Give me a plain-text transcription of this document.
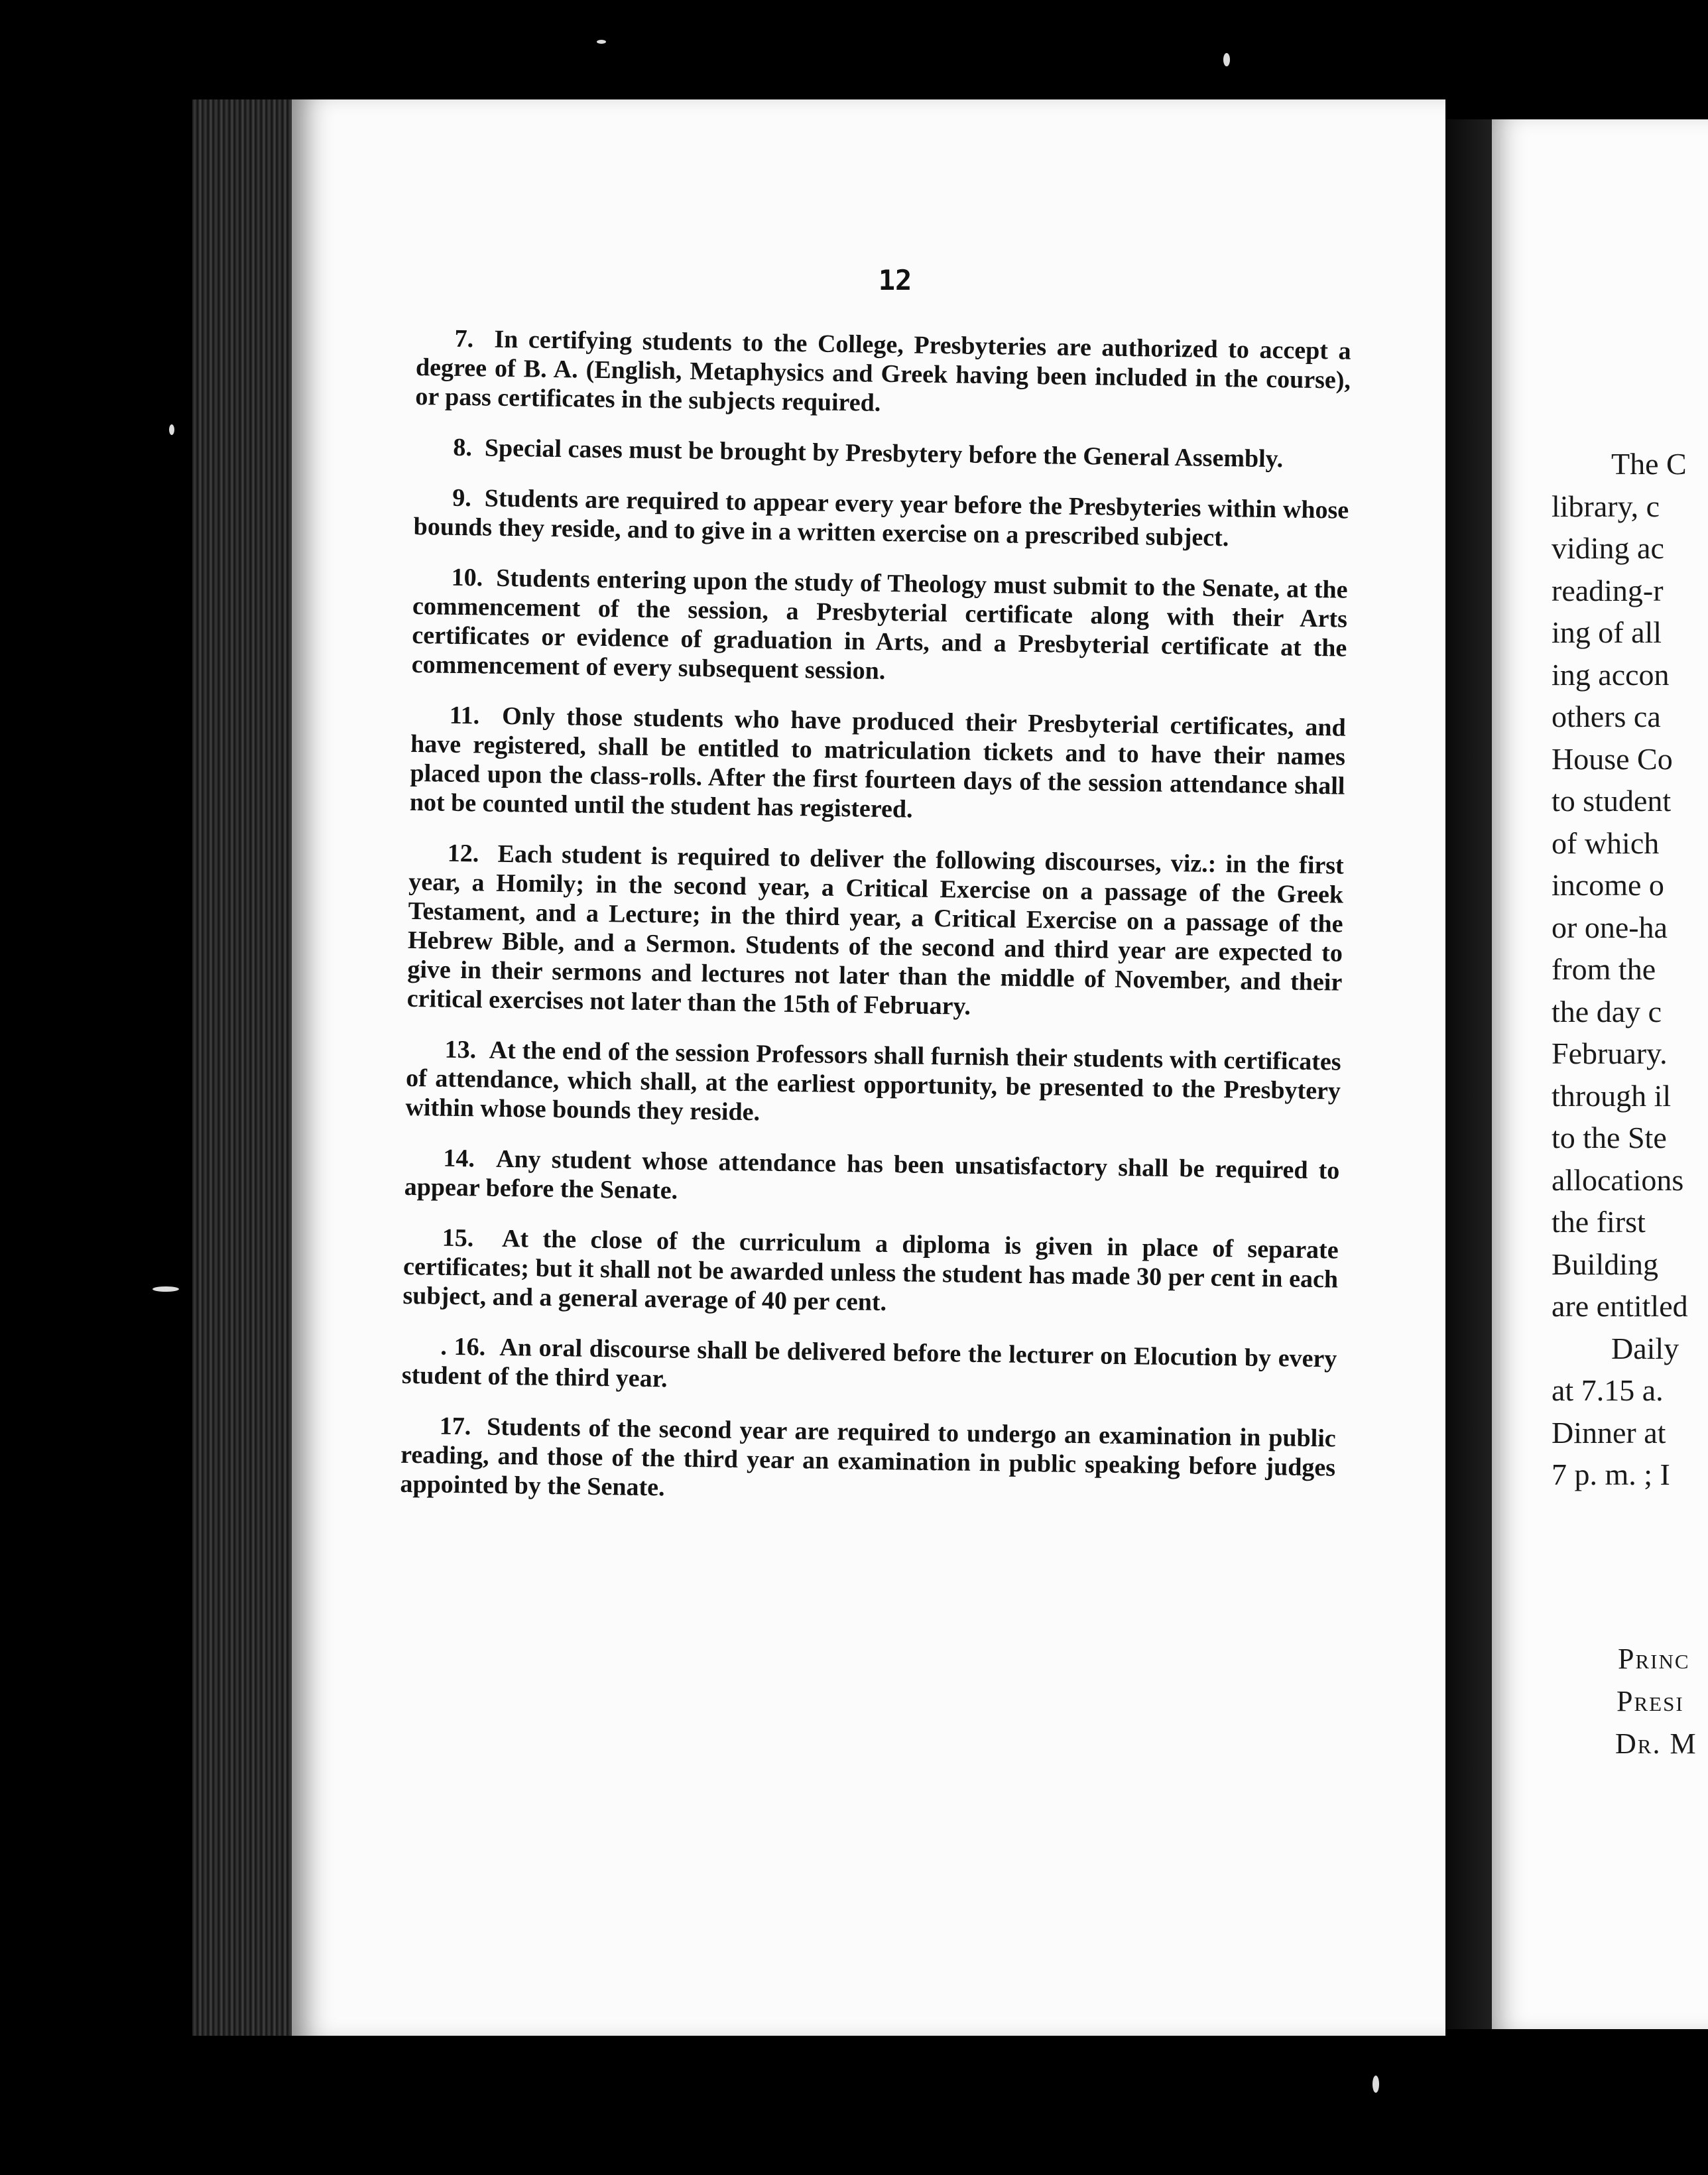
12

7. In certifying students to the College, Presbyteries are authorized to accept a degree of B. A. (English, Metaphysics and Greek having been included in the course), or pass certificates in the subjects required.

8. Special cases must be brought by Presbytery before the General Assembly.

9. Students are required to appear every year before the Presbyteries within whose bounds they reside, and to give in a written exercise on a prescribed subject.

10. Students entering upon the study of Theology must submit to the Senate, at the commencement of the session, a Presbyterial certificate along with their Arts certificates or evidence of graduation in Arts, and a Presbyterial certificate at the commencement of every subsequent session.

11. Only those students who have produced their Presbyterial certificates, and have registered, shall be entitled to matriculation tickets and to have their names placed upon the class-rolls. After the first fourteen days of the session attendance shall not be counted until the student has registered.

12. Each student is required to deliver the following discourses, viz.: in the first year, a Homily; in the second year, a Critical Exercise on a passage of the Greek Testament, and a Lecture; in the third year, a Critical Exercise on a passage of the Hebrew Bible, and a Sermon. Students of the second and third year are expected to give in their sermons and lectures not later than the middle of November, and their critical exercises not later than the 15th of February.

13. At the end of the session Professors shall furnish their students with certificates of attendance, which shall, at the earliest opportunity, be presented to the Presbytery within whose bounds they reside.

14. Any student whose attendance has been unsatisfactory shall be required to appear before the Senate.

15. At the close of the curriculum a diploma is given in place of separate certificates; but it shall not be awarded unless the student has made 30 per cent in each subject, and a general average of 40 per cent.

. 16. An oral discourse shall be delivered before the lecturer on Elocution by every student of the third year.

17. Students of the second year are required to undergo an examination in public reading, and those of the third year an examination in public speaking before judges appointed by the Senate.

The C
library, c
viding ac
reading-r
ing of all
ing accon
others ca
House Co
to student
of which
income o
or one-ha
from the
the day c
February.
through il
to the Ste
allocations
the first
Building
are entitled
Daily
at 7.15 a.
Dinner at
7 p. m. ; I
Princ
Presi
Dr. M
